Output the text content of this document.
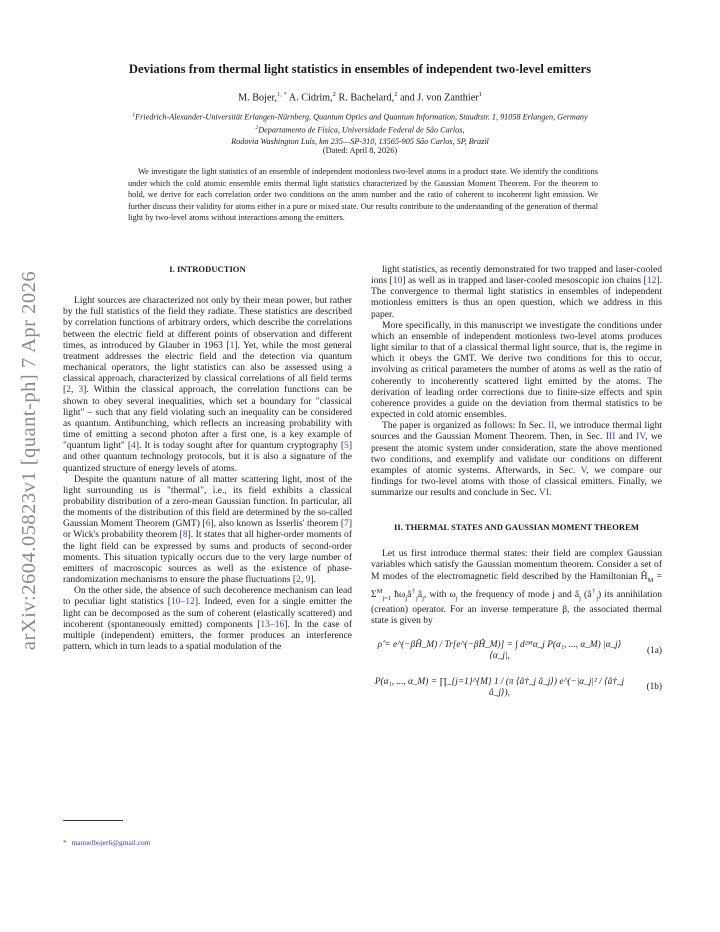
arXiv:2604.05823v1 [quant-ph] 7 Apr 2026
Deviations from thermal light statistics in ensembles of independent two-level emitters
M. Bojer,$^{1, *}$ A. Cidrim,$^2$ R. Bachelard,$^2$ and J. von Zanthier$^1$
$^1$Friedrich-Alexander-Universität Erlangen-Nürnberg, Quantum Optics and Quantum Information, Staudtstr. 1, 91058 Erlangen, Germany
$^2$Departamento de Física, Universidade Federal de São Carlos,
Rodovia Washington Luís, km 235—SP-310, 13565-905 São Carlos, SP, Brazil
(Dated: April 8, 2026)
We investigate the light statistics of an ensemble of independent motionless two-level atoms in a product state. We identify the conditions under which the cold atomic ensemble emits thermal light statistics characterized by the Gaussian Moment Theorem. For the theorem to hold, we derive for each correlation order two conditions on the atom number and the ratio of coherent to incoherent light emission. We further discuss their validity for atoms either in a pure or mixed state. Our results contribute to the understanding of the generation of thermal light by two-level atoms without interactions among the emitters.
I. INTRODUCTION

Light sources are characterized not only by their mean power, but rather by the full statistics of the field they radiate. These statistics are described by correlation functions of arbitrary orders, which describe the correlations between the electric field at different points of observation and different times, as introduced by Glauber in 1963 [1]. Yet, while the most general treatment addresses the electric field and the detection via quantum mechanical operators, the light statistics can also be assessed using a classical approach, characterized by classical correlations of all field terms [2, 3]. Within the classical approach, the correlation functions can be shown to obey several inequalities, which set a boundary for "classical light" – such that any field violating such an inequality can be considered as quantum. Antibunching, which reflects an increasing probability with time of emitting a second photon after a first one, is a key example of "quantum light" [4]. It is today sought after for quantum cryptography [5] and other quantum technology protocols, but it is also a signature of the quantized structure of energy levels of atoms.

Despite the quantum nature of all matter scattering light, most of the light surrounding us is "thermal", i.e., its field exhibits a classical probability distribution of a zero-mean Gaussian function. In particular, all the moments of the distribution of this field are determined by the so-called Gaussian Moment Theorem (GMT) [6], also known as Isserlis' theorem [7] or Wick's probability theorem [8]. It states that all higher-order moments of the light field can be expressed by sums and products of second-order moments. This situation typically occurs due to the very large number of emitters of macroscopic sources as well as the existence of phase-randomization mechanisms to ensure the phase fluctuations [2, 9].

On the other side, the absence of such decoherence mechanism can lead to peculiar light statistics [10–12]. Indeed, even for a single emitter the light can be decomposed as the sum of coherent (elastically scattered) and incoherent (spontaneously emitted) components [13–16]. In the case of multiple (independent) emitters, the former produces an interference pattern, which in turn leads to a spatial modulation of the

light statistics, as recently demonstrated for two trapped and laser-cooled ions [10] as well as in trapped and laser-cooled mesoscopic ion chains [12]. The convergence to thermal light statistics in ensembles of independent motionless emitters is thus an open question, which we address in this paper.

More specifically, in this manuscript we investigate the conditions under which an ensemble of independent motionless two-level atoms produces light similar to that of a classical thermal light source, that is, the regime in which it obeys the GMT. We derive two conditions for this to occur, involving as critical parameters the number of atoms as well as the ratio of coherently to incoherently scattered light emitted by the atoms. The derivation of leading order corrections due to finite-size effects and spin coherence provides a guide on the deviation from thermal statistics to be expected in cold atomic ensembles.

The paper is organized as follows: In Sec. II, we introduce thermal light sources and the Gaussian Moment Theorem. Then, in Sec. III and IV, we present the atomic system under consideration, state the above mentioned two conditions, and exemplify and validate our conditions on different examples of atomic systems. Afterwards, in Sec. V, we compare our findings for two-level atoms with those of classical emitters. Finally, we summarize our results and conclude in Sec. VI.

II. THERMAL STATES AND GAUSSIAN MOMENT THEOREM

Let us first introduce thermal states: their field are complex Gaussian variables which satisfy the Gaussian momentum theorem. Consider a set of M modes of the electromagnetic field described by the Hamiltonian $Ĥ_M = \Sigma^M_{j=1}$ $ħ\omega_jâ^\dagger_jâ_j$, with $\omega_j$ the frequency of mode j and $â_j$ $(â^\dagger_j)$ its annihilation (creation) operator. For an inverse temperature β, the associated thermal state is given by

ρ̂ = e^(−βĤ_M) / Tr[e^(−βĤ_M)] = ∫ d²ᴹα_j P(α₁, ..., α_M) |α_j⟩⟨α_j|,
(1a)
P(α₁, ..., α_M) = ∏_{j=1}^{M} 1 / (π ⟨â†_j â_j⟩) e^(−|α_j|² / ⟨â†_j â_j⟩),
(1b)
* manuelbojer6@gmail.com
